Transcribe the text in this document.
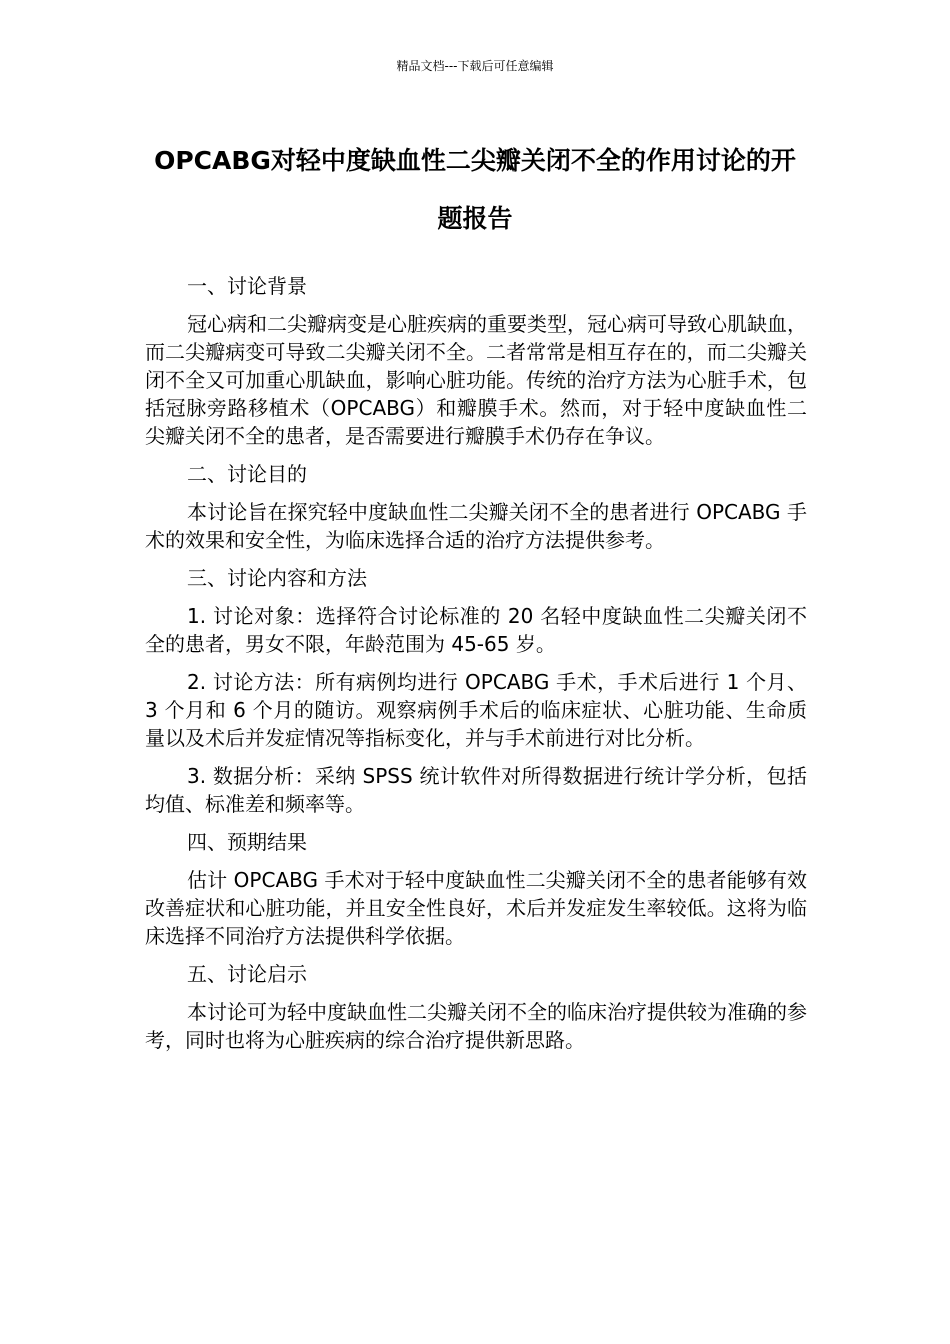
精品文档---下载后可任意编辑
OPCABG对轻中度缺血性二尖瓣关闭不全的作用讨论的开题报告

一、讨论背景

冠心病和二尖瓣病变是心脏疾病的重要类型，冠心病可导致心肌缺血，而二尖瓣病变可导致二尖瓣关闭不全。二者常常是相互存在的，而二尖瓣关闭不全又可加重心肌缺血，影响心脏功能。传统的治疗方法为心脏手术，包括冠脉旁路移植术（OPCABG）和瓣膜手术。然而，对于轻中度缺血性二尖瓣关闭不全的患者，是否需要进行瓣膜手术仍存在争议。

二、讨论目的

本讨论旨在探究轻中度缺血性二尖瓣关闭不全的患者进行 OPCABG 手术的效果和安全性，为临床选择合适的治疗方法提供参考。

三、讨论内容和方法

1. 讨论对象：选择符合讨论标准的 20 名轻中度缺血性二尖瓣关闭不全的患者，男女不限，年龄范围为 45-65 岁。

2. 讨论方法：所有病例均进行 OPCABG 手术，手术后进行 1 个月、3 个月和 6 个月的随访。观察病例手术后的临床症状、心脏功能、生命质量以及术后并发症情况等指标变化，并与手术前进行对比分析。

3. 数据分析：采纳 SPSS 统计软件对所得数据进行统计学分析，包括均值、标准差和频率等。

四、预期结果

估计 OPCABG 手术对于轻中度缺血性二尖瓣关闭不全的患者能够有效改善症状和心脏功能，并且安全性良好，术后并发症发生率较低。这将为临床选择不同治疗方法提供科学依据。

五、讨论启示

本讨论可为轻中度缺血性二尖瓣关闭不全的临床治疗提供较为准确的参考，同时也将为心脏疾病的综合治疗提供新思路。
